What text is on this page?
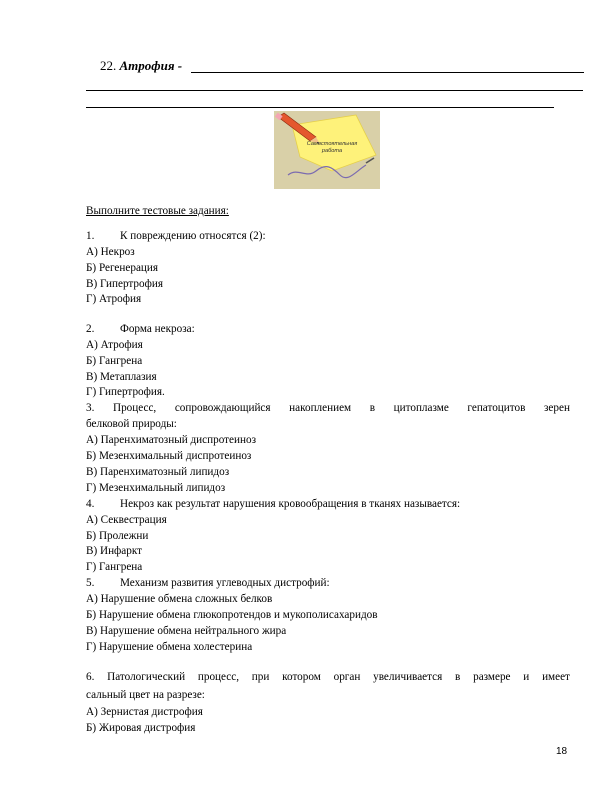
22. Атрофия -
Самостоятельная
работа
Выполните тестовые задания:
1. К повреждению относятся (2):
А) Некроз
Б) Регенерация
В) Гипертрофия
Г) Атрофия
2. Форма некроза:
А) Атрофия
Б) Гангрена
В) Метаплазия
Г) Гипертрофия.
3. Процесс, сопровождающийся накоплением в цитоплазме гепатоцитов зерен
белковой природы:
А) Паренхиматозный диспротеиноз
Б) Мезенхимальный диспротеиноз
В) Паренхиматозный липидоз
Г) Мезенхимальный липидоз
4. Некроз как результат нарушения кровообращения в тканях называется:
А) Секвестрация
Б) Пролежни
В) Инфаркт
Г) Гангрена
5. Механизм развития углеводных дистрофий:
А) Нарушение обмена сложных белков
Б) Нарушение обмена глюкопротендов и мукополисахаридов
В) Нарушение обмена нейтрального жира
Г) Нарушение обмена холестерина
6. Патологический процесс, при котором орган увеличивается в размере и имеет
сальный цвет на разрезе:
А) Зернистая дистрофия
Б) Жировая дистрофия
18
